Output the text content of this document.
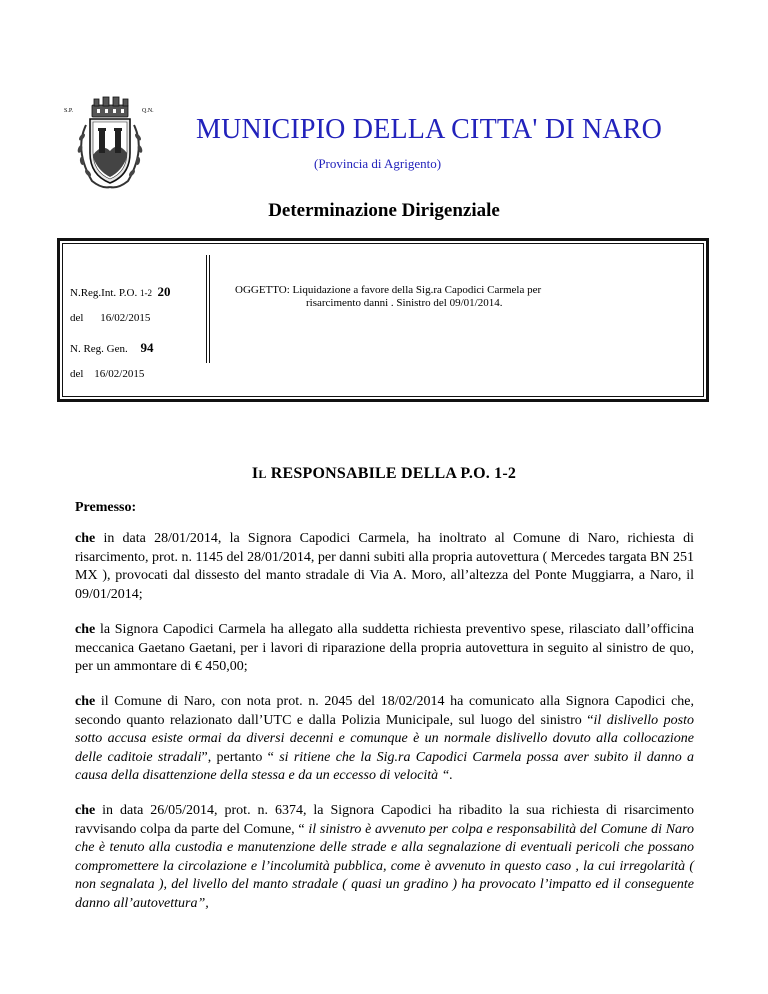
S.P.	Q.N.
MUNICIPIO DELLA CITTA' DI NARO
(Provincia di Agrigento)
Determinazione Dirigenziale
N.Reg.Int. P.O. 1-2 20
del 16/02/2015
N. Reg. Gen. 94
del 16/02/2015
OGGETTO: Liquidazione a favore della Sig.ra Capodici Carmela per
risarcimento danni . Sinistro del 09/01/2014.
IL RESPONSABILE DELLA P.O. 1-2
Premesso:
che in data 28/01/2014, la Signora Capodici Carmela, ha inoltrato al Comune di Naro, richiesta di risarcimento, prot. n. 1145 del 28/01/2014, per danni subiti alla propria autovettura ( Mercedes targata BN 251 MX ), provocati dal dissesto del manto stradale di Via A. Moro, all’altezza del Ponte Muggiarra, a Naro, il 09/01/2014;
che la Signora Capodici Carmela ha allegato alla suddetta richiesta preventivo spese, rilasciato dall’officina meccanica Gaetano Gaetani, per i lavori di riparazione della propria autovettura in seguito al sinistro de quo, per un ammontare di € 450,00;
che il Comune di Naro, con nota prot. n. 2045 del 18/02/2014 ha comunicato alla Signora Capodici che, secondo quanto relazionato dall’UTC e dalla Polizia Municipale, sul luogo del sinistro “il dislivello posto sotto accusa esiste ormai da diversi decenni e comunque è un normale dislivello dovuto alla collocazione delle caditoie stradali”, pertanto “ si ritiene che la Sig.ra Capodici Carmela possa aver subito il danno a causa della disattenzione della stessa e da un eccesso di velocità “.
che in data 26/05/2014, prot. n. 6374, la Signora Capodici ha ribadito la sua richiesta di risarcimento ravvisando colpa da parte del Comune, “ il sinistro è avvenuto per colpa e responsabilità del Comune di Naro che è tenuto alla custodia e manutenzione delle strade e alla segnalazione di eventuali pericoli che possano compromettere la circolazione e l’incolumità pubblica, come è avvenuto in questo caso , la cui irregolarità ( non segnalata ), del livello del manto stradale ( quasi un gradino ) ha provocato l’impatto ed il conseguente danno all’autovettura”,
